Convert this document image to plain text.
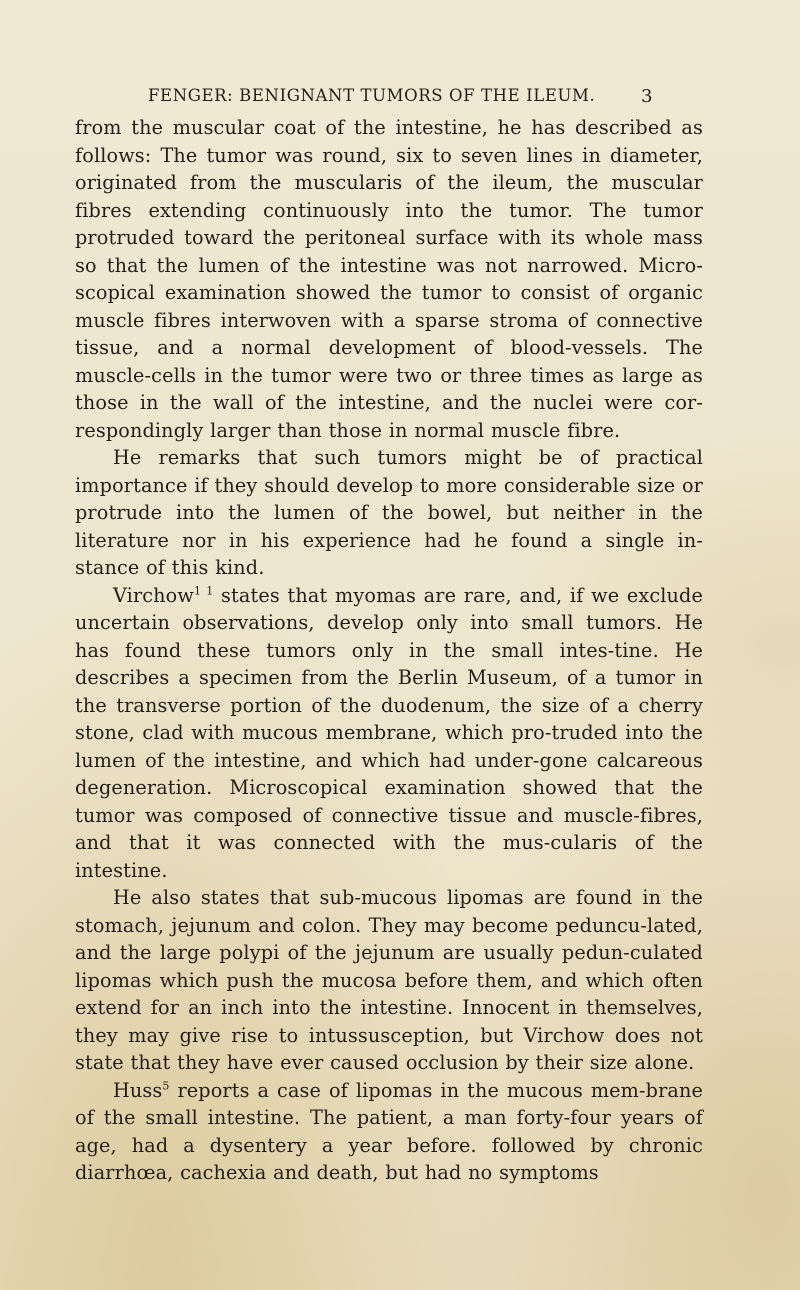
FENGER: BENIGNANT TUMORS OF THE ILEUM.	3

from the muscular coat of the intestine, he has described as follows: The tumor was round, six to seven lines in diameter, originated from the muscularis of the ileum, the muscular fibres extending continuously into the tumor. The tumor protruded toward the peritoneal surface with its whole mass so that the lumen of the intestine was not narrowed. Micro-scopical examination showed the tumor to consist of organic muscle fibres interwoven with a sparse stroma of connective tissue, and a normal development of blood-vessels. The muscle-cells in the tumor were two or three times as large as those in the wall of the intestine, and the nuclei were cor-respondingly larger than those in normal muscle fibre.

He remarks that such tumors might be of practical importance if they should develop to more considerable size or protrude into the lumen of the bowel, but neither in the literature nor in his experience had he found a single in-stance of this kind.

Virchow$^{1 1}$ states that myomas are rare, and, if we exclude uncertain observations, develop only into small tumors. He has found these tumors only in the small intes-tine. He describes a specimen from the Berlin Museum, of a tumor in the transverse portion of the duodenum, the size of a cherry stone, clad with mucous membrane, which pro-truded into the lumen of the intestine, and which had under-gone calcareous degeneration. Microscopical examination showed that the tumor was composed of connective tissue and muscle-fibres, and that it was connected with the mus-cularis of the intestine.

He also states that sub-mucous lipomas are found in the stomach, jejunum and colon. They may become peduncu-lated, and the large polypi of the jejunum are usually pedun-culated lipomas which push the mucosa before them, and which often extend for an inch into the intestine. Innocent in themselves, they may give rise to intussusception, but Virchow does not state that they have ever caused occlusion by their size alone.

Huss$^5$ reports a case of lipomas in the mucous mem-brane of the small intestine. The patient, a man forty-four years of age, had a dysentery a year before. followed by chronic diarrhœa, cachexia and death, but had no symptoms
